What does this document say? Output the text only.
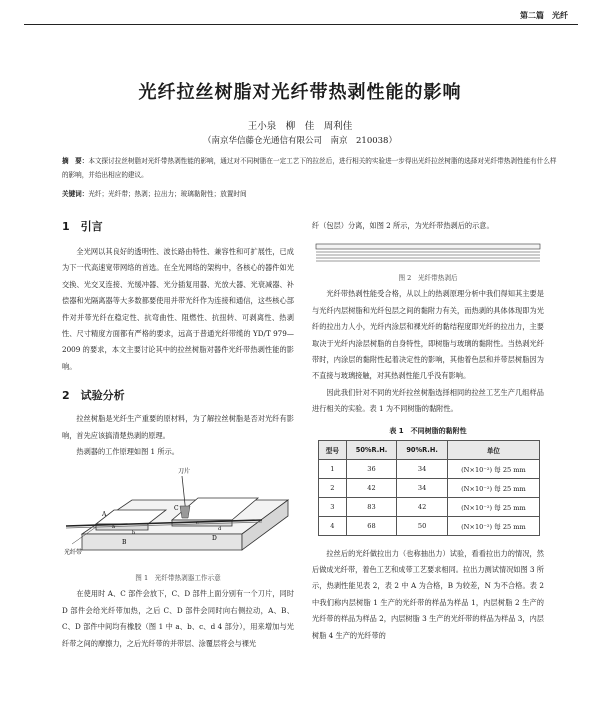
第二篇　光纤
光纤拉丝树脂对光纤带热剥性能的影响
王小泉　柳　佳　周利佳
（南京华信藤仓光通信有限公司　南京　210038）
摘　要：本文探讨拉丝树脂对光纤带热剥性能的影响，通过对不同树脂在一定工艺下的拉丝后，进行相关的实验进一步得出光纤拉丝树脂的选择对光纤带热剥性能有什么样的影响，并给出相应的建议。
关键词：光纤；光纤带；热剥；拉出力；玻璃黏附性；放置时间
1　引言

全光网以其良好的透明性、波长路由特性、兼容性和可扩展性，已成为下一代高速宽带网络的首选。在全光网络的架构中，各核心的器件如光交换、光交叉连接、光缓冲器、光分插复用器、光放大器、光衰减器、补偿器和光隔离器等大多数都要使用并带光纤作为连接和通信，这些核心部件对并带光纤在稳定性、抗弯曲性、阻燃性、抗扭转、可剥离性、热剥性、尺寸精度方面都有严格的要求，远高于普通光纤带缆的 YD/T 979—2009 的要求，本文主要讨论其中的拉丝树脂对器件光纤带热剥性能的影响。

2　试验分析

拉丝树脂是光纤生产重要的原材料，为了解拉丝树脂是否对光纤有影响，首先应该搞清楚热剥的原理。

热剥器的工作原理如图 1 所示。

刀片
光纤带
A
B
C
D
a
b
c
d
图 1　光纤带热剥器工作示意

在使用时 A、C 部件会放下，C、D 部件上面分别有一个刀片，同时 D 部件会给光纤带加热，之后 C、D 部件会同时向右侧拉动，A、B、C、D 部件中间均有橡胶（图 1 中 a、b、c、d 4 部分），用来增加与光纤带之间的摩擦力，之后光纤带的并带层、涂覆层将会与裸光

纤（包层）分离，如图 2 所示，为光纤带热剥后的示意。

图 2　光纤带热剥后

光纤带热剥性能受合格，从以上的热剥原理分析中我们得知其主要是与光纤内层树脂和光纤包层之间的黏附力有关，而热剥的具体体现即为光纤的拉出力人小，光纤内涂层和裸光纤的黏结程度即光纤的拉出力，主要取决于光纤内涂层树脂的自身特性，即树脂与玻璃的黏附性。当热剥光纤带时，内涂层的黏附性起着决定性的影响，其他着色层和并带层树脂因为不直接与玻璃接触，对其热剥性能几乎没有影响。

因此我们针对不同的光纤拉丝树脂选择相同的拉丝工艺生产几组样品进行相关的实验。表 1 为不同树脂的黏附性。

表 1　不同树脂的黏附性
型号	50%R.H.	90%R.H.	单位
1	36	34	(N×10⁻²) 每 25 mm
2	42	34	(N×10⁻²) 每 25 mm
3	83	42	(N×10⁻²) 每 25 mm
4	68	50	(N×10⁻²) 每 25 mm

拉丝后的光纤做拉出力（也称抽出力）试验，看看拉出力的情况，然后做成光纤带，着色工艺和成带工艺要求相同。拉出力测试情况如图 3 所示，热剥性能见表 2，表 2 中 A 为合格，B 为较差，N 为不合格。表 2 中我们称内层树脂 1 生产的光纤带的样品为样品 1，内层树脂 2 生产的光纤带的样品为样品 2，内层树脂 3 生产的光纤带的样品为样品 3，内层树脂 4 生产的光纤带的
